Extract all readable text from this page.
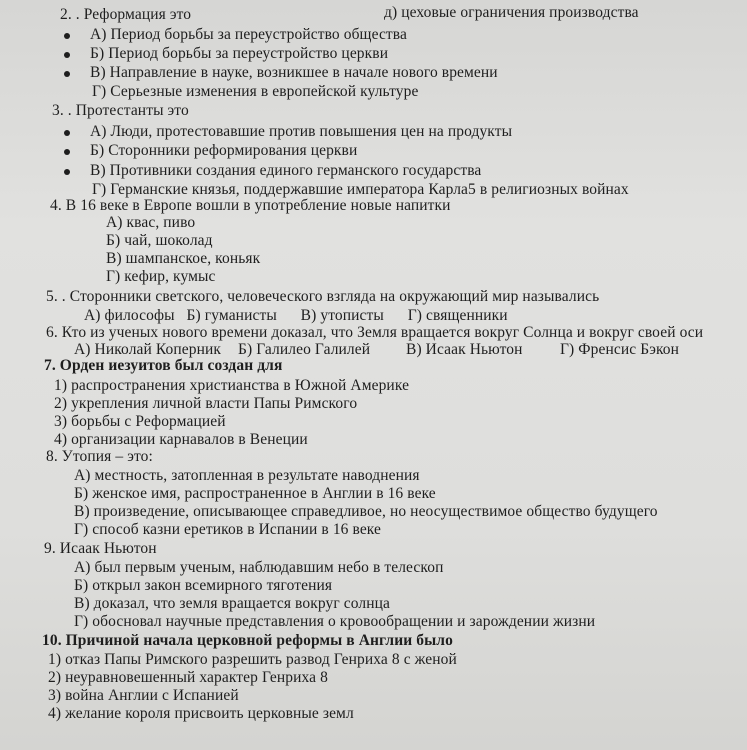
2. . Реформация это	д) цеховые ограничения производства
А) Период борьбы за переустройство общества
Б) Период борьбы за переустройство церкви
В) Направление в науке, возникшее в начале нового времени
Г) Серьезные изменения в европейской культуре
3. . Протестанты это
А) Люди, протестовавшие против повышения цен на продукты
Б) Сторонники реформирования церкви
В) Противники создания единого германского государства
Г) Германские князья, поддержавшие императора Карла5 в религиозных войнах
4. В 16 веке в Европе вошли в употребление новые напитки
А) квас, пиво
Б) чай, шоколад
В) шампанское, коньяк
Г) кефир, кумыс
5. . Сторонники светского, человеческого взгляда на окружающий мир назывались
А) философы   Б) гуманисты      В) утописты      Г) священники
6. Кто из ученых нового времени доказал, что Земля вращается вокруг Солнца и вокруг своей оси
А) Николай Коперник Б) Галилео Галилей В) Исаак Ньютон Г) Френсис Бэкон
7. Орден иезуитов был создан для
1) распространения христианства в Южной Америке
2) укрепления личной власти Папы Римского
3) борьбы с Реформацией
4) организации карнавалов в Венеции
8. Утопия – это:
А) местность, затопленная в результате наводнения
Б) женское имя, распространенное в Англии в 16 веке
В) произведение, описывающее справедливое, но неосуществимое общество будущего
Г) способ казни еретиков в Испании в 16 веке
9. Исаак Ньютон
А) был первым ученым, наблюдавшим небо в телескоп
Б) открыл закон всемирного тяготения
В) доказал, что земля вращается вокруг солнца
Г) обосновал научные представления о кровообращении и зарождении жизни
10. Причиной начала церковной реформы в Англии было
1) отказ Папы Римского разрешить развод Генриха 8 с женой
2) неуравновешенный характер Генриха 8
3) война Англии с Испанией
4) желание короля присвоить церковные земл
